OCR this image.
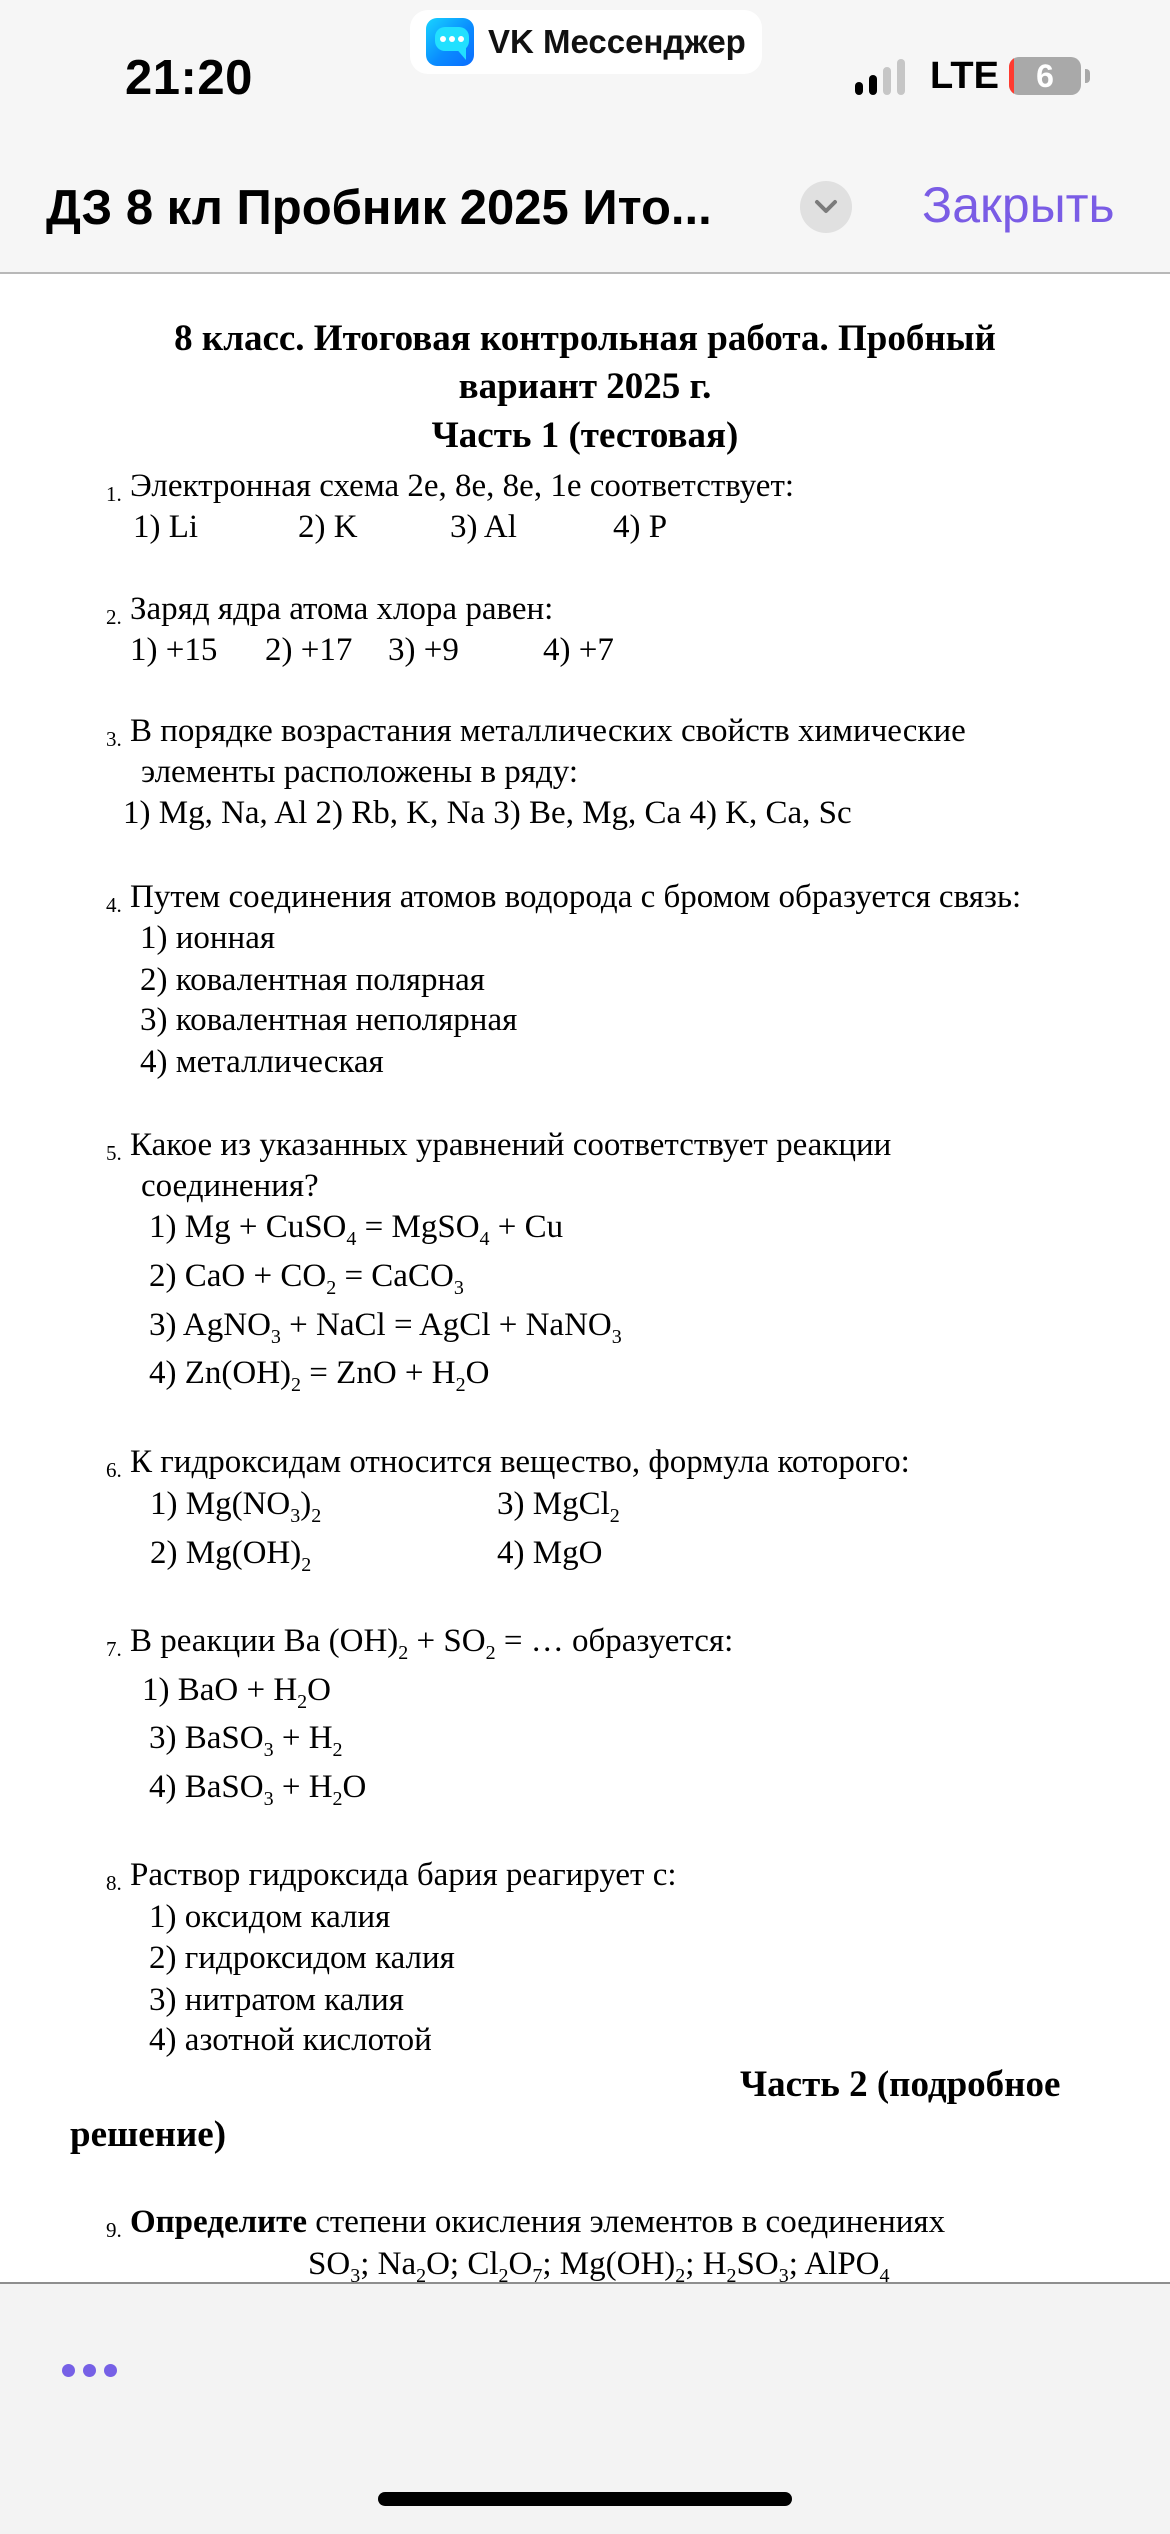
21:20
VK Мессенджер
LTE	6
ДЗ 8 кл Пробник 2025 Ито...	Закрыть
8 класс. Итоговая контрольная работа. Пробный
вариант 2025 г.
Часть 1 (тестовая)
1. Электронная схема 2е, 8е, 8е, 1е соответствует:
1) Li	2) K	3) Al	4) P
2. Заряд ядра атома хлора равен:
1) +15 2) +17 3) +9	4) +7
3. В порядке возрастания металлических свойств химические
элементы расположены в ряду:
1) Mg, Na, Al 2) Rb, K, Na 3) Be, Mg, Ca 4) K, Ca, Sc
4. Путем соединения атомов водорода с бромом образуется связь:
1) ионная
2) ковалентная полярная
3) ковалентная неполярная
4) металлическая
5. Какое из указанных уравнений соответствует реакции
соединения?
1) Mg + CuSO$_4$ = MgSO$_4$ + Cu
2) CaO + $CO_2$ = CaCO$_3$
3) AgNO$_3$ + NaCl = AgCl + NaNO$_3$
4) $Zn(OH)_2$ = ZnO + $H_2O$
6. К гидроксидам относится вещество, формула которого:
1) $Mg(NO_3)_2$	3) MgCl$_2$
2) $Mg(OH)_2$	4) MgO
7. В реакции Ba $(OH)_2 + SO_2$ = … образуется:
1) BaO + $H_2O$
3) BaSO$_3$ + $H_2$
4) BaSO$_3$ + $H_2O$
8. Раствор гидроксида бария реагирует с:
1) оксидом калия
2) гидроксидом калия
3) нитратом калия
4) азотной кислотой
9. Определите степени окисления элементов в соединениях
$SO_3$; $Na_2O$; $Cl_2O_7$; $Mg(OH)_2$; $H_2SO_3$; AlPO$_4$
Часть 2 (подробное
решение)
